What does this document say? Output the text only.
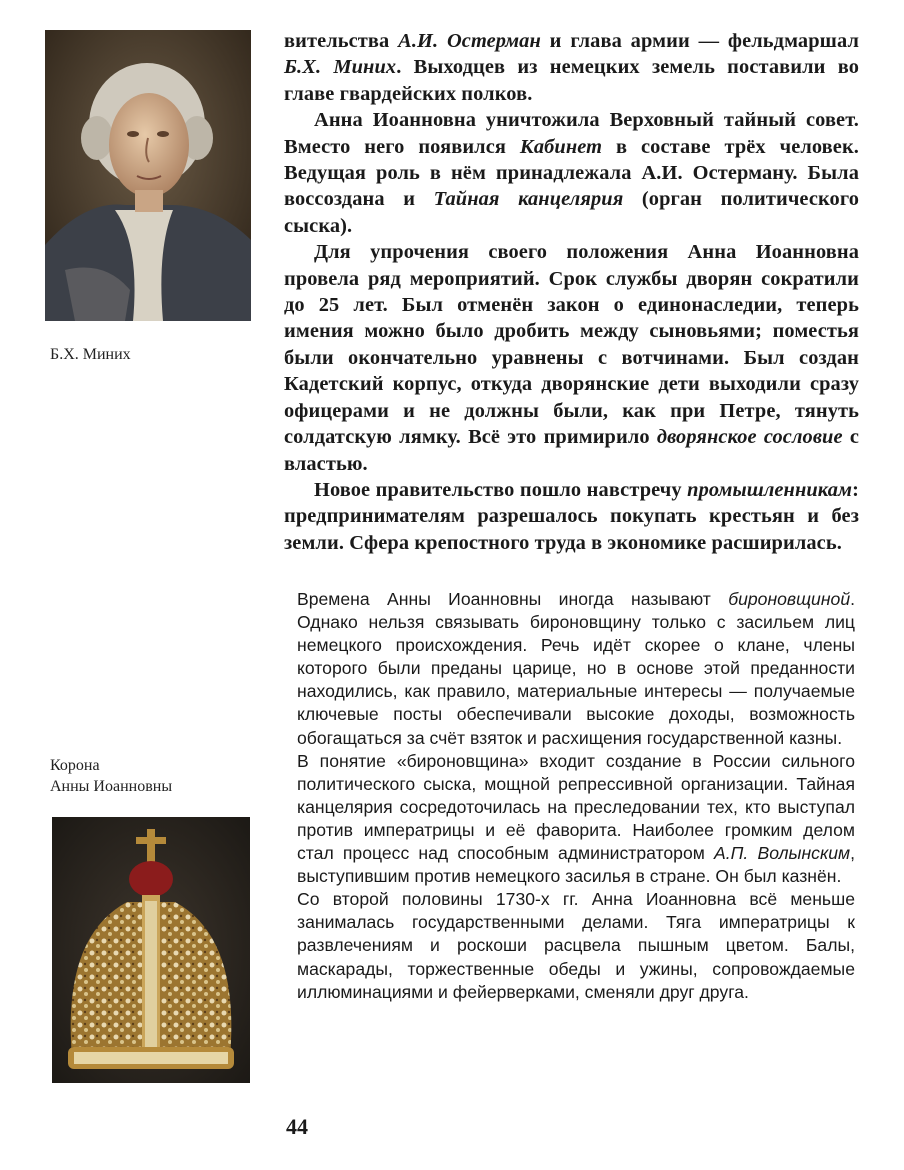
Б.Х. Миних
Корона
Анны Иоанновны

вительства А.И. Остерман и глава армии — фельдмаршал Б.Х. Миних. Выходцев из немецких земель поставили во главе гвардейских полков.

Анна Иоанновна уничтожила Верховный тайный совет. Вместо него появился Кабинет в составе трёх человек. Ведущая роль в нём принадлежала А.И. Остерману. Была воссоздана и Тайная канцелярия (орган политического сыска).

Для упрочения своего положения Анна Иоанновна провела ряд мероприятий. Срок службы дворян сократили до 25 лет. Был отменён закон о единонаследии, теперь имения можно было дробить между сыновьями; поместья были окончательно уравнены с вотчинами. Был создан Кадетский корпус, откуда дворянские дети выходили сразу офицерами и не должны были, как при Петре, тянуть солдатскую лямку. Всё это примирило дворянское сословие с властью.

Новое правительство пошло навстречу промышленникам: предпринимателям разрешалось покупать крестьян и без земли. Сфера крепостного труда в экономике расширилась.

Времена Анны Иоанновны иногда называют бироновщиной. Однако нельзя связывать бироновщину только с засильем лиц немецкого происхождения. Речь идёт скорее о клане, члены которого были преданы царице, но в основе этой преданности находились, как правило, материальные интересы — получаемые ключевые посты обеспечивали высокие доходы, возможность обогащаться за счёт взяток и расхищения государственной казны.

В понятие «бироновщина» входит создание в России сильного политического сыска, мощной репрессивной организации. Тайная канцелярия сосредоточилась на преследовании тех, кто выступал против императрицы и её фаворита. Наиболее громким делом стал процесс над способным администратором А.П. Волынским, выступившим против немецкого засилья в стране. Он был казнён.

Со второй половины 1730-х гг. Анна Иоанновна всё меньше занималась государственными делами. Тяга императрицы к развлечениям и роскоши расцвела пышным цветом. Балы, маскарады, торжественные обеды и ужины, сопровождаемые иллюминациями и фейерверками, сменяли друг друга.

44
